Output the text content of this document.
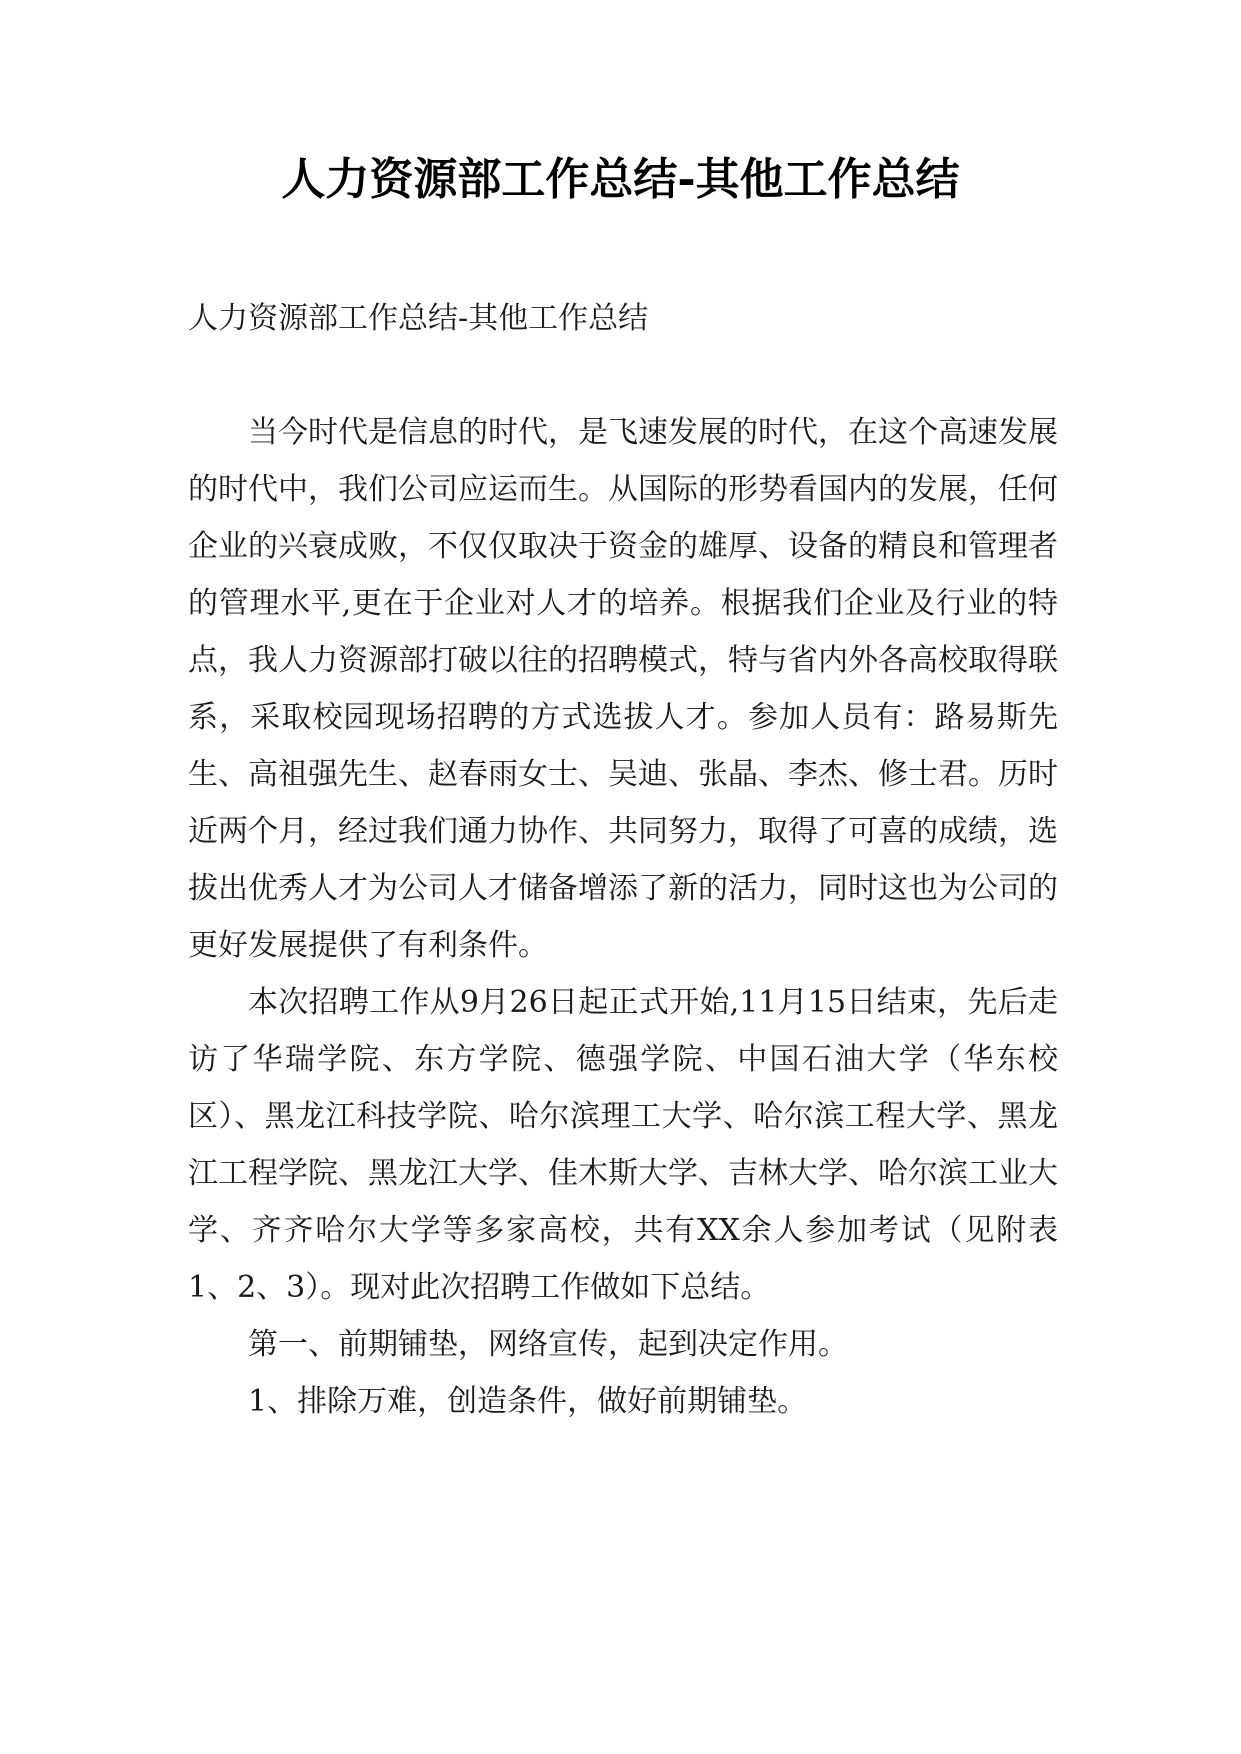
人力资源部工作总结-其他工作总结
人力资源部工作总结-其他工作总结

当今时代是信息的时代，是飞速发展的时代，在这个高速发展的时代中，我们公司应运而生。从国际的形势看国内的发展，任何企业的兴衰成败，不仅仅取决于资金的雄厚、设备的精良和管理者的管理水平,更在于企业对人才的培养。根据我们企业及行业的特点，我人力资源部打破以往的招聘模式，特与省内外各高校取得联系，采取校园现场招聘的方式选拔人才。参加人员有：路易斯先生、高祖强先生、赵春雨女士、吴迪、张晶、李杰、修士君。历时近两个月，经过我们通力协作、共同努力，取得了可喜的成绩，选拔出优秀人才为公司人才储备增添了新的活力，同时这也为公司的更好发展提供了有利条件。

本次招聘工作从9月26日起正式开始,11月15日结束，先后走访了华瑞学院、东方学院、德强学院、中国石油大学（华东校区）、黑龙江科技学院、哈尔滨理工大学、哈尔滨工程大学、黑龙江工程学院、黑龙江大学、佳木斯大学、吉林大学、哈尔滨工业大学、齐齐哈尔大学等多家高校，共有XX余人参加考试（见附表1、2、3）。现对此次招聘工作做如下总结。

第一、前期铺垫，网络宣传，起到决定作用。

1、排除万难，创造条件，做好前期铺垫。
